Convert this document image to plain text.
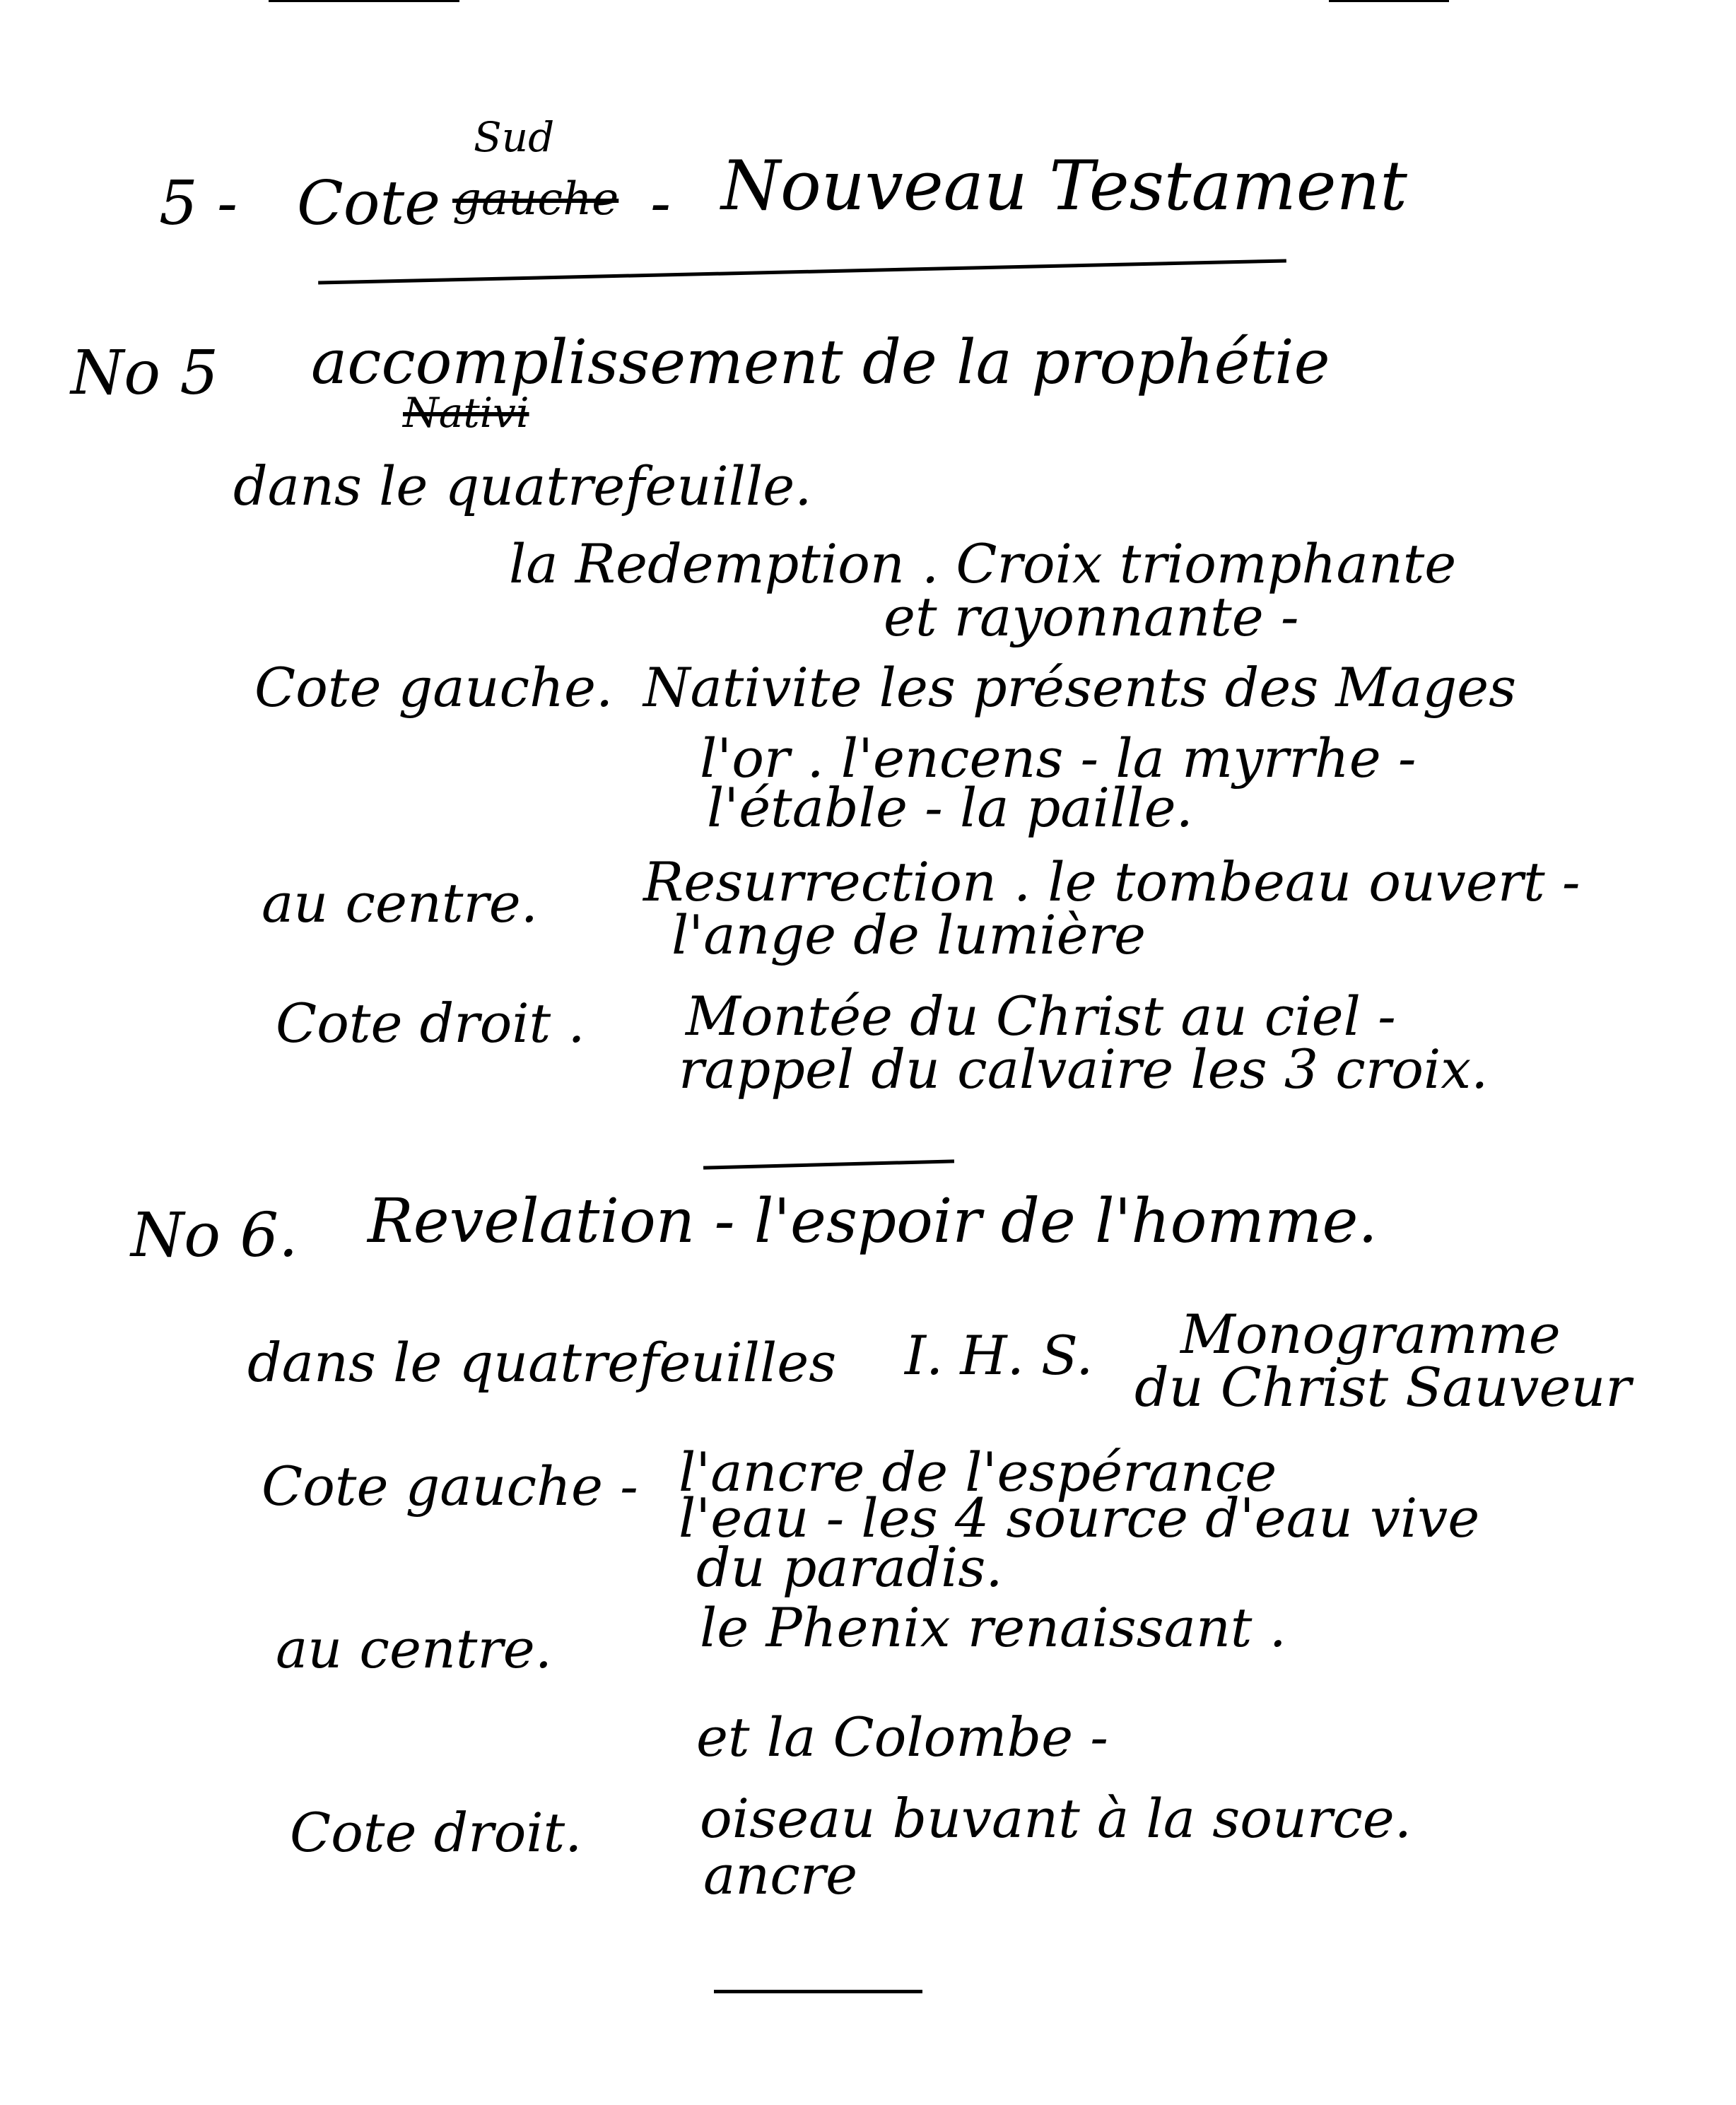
5 - Cote
Sud
gauche - Nouveau Testament
No 5 accomplissement de la prophétie
Nativi
dans le quatrefeuille.
la Redemption . Croix triomphante
et rayonnante -
Cote gauche. Nativite les présents des Mages
l'or . l'encens - la myrrhe -
l'étable - la paille.
au centre. Resurrection . le tombeau ouvert -
l'ange de lumière
Cote droit . Montée du Christ au ciel -
rappel du calvaire les 3 croix.
No 6. Revelation - l'espoir de l'homme.
dans le quatrefeuilles I. H. S. Monogramme
du Christ Sauveur
Cote gauche - l'ancre de l'espérance
l'eau - les 4 source d'eau vive
du paradis.
au centre.	le Phenix renaissant .
et la Colombe -
Cote droit. oiseau buvant à la source.
ancre
